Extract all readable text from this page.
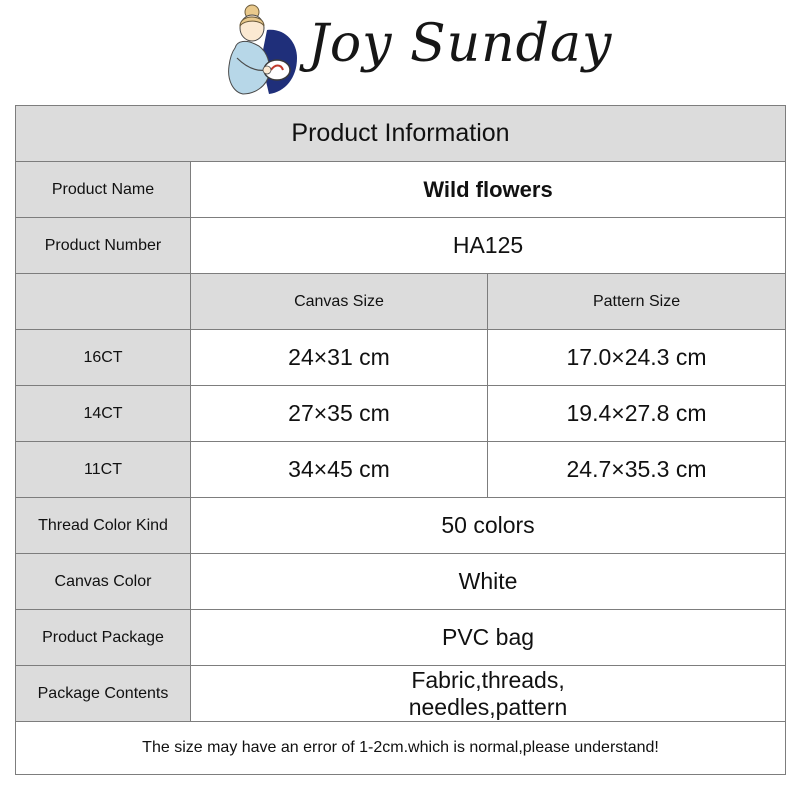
Joy Sunday
Product Information		
Product Name	Wild flowers	
Product Number	HA125	
	Canvas Size	Pattern Size
16CT	24×31 cm	17.0×24.3 cm
14CT	27×35 cm	19.4×27.8 cm
11CT	34×45 cm	24.7×35.3 cm
Thread Color Kind	50 colors	
Canvas Color	White	
Product Package	PVC bag	
Package Contents	Fabric,threads,
needles,pattern	

The size may have an error of 1-2cm.which is normal,please understand!		
